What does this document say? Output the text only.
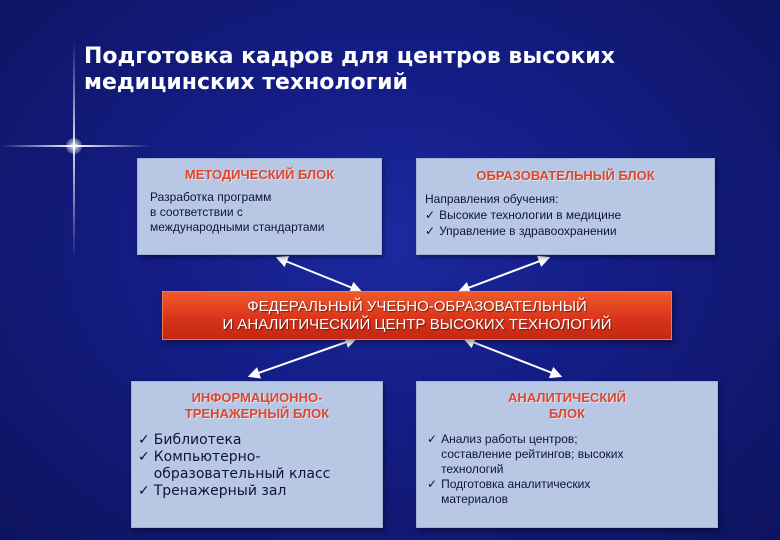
Подготовка кадров для центров высоких
медицинских технологий
МЕТОДИЧЕСКИЙ БЛОК
Разработка программ
в соответствии с
международными стандартами
ОБРАЗОВАТЕЛЬНЫЙ БЛОК
Направления обучения:
✓ Высокие технологии в медицине
✓ Управление в здравоохранении
ФЕДЕРАЛЬНЫЙ УЧЕБНО-ОБРАЗОВАТЕЛЬНЫЙ
И АНАЛИТИЧЕСКИЙ ЦЕНТР ВЫСОКИХ ТЕХНОЛОГИЙ
ИНФОРМАЦИОННО-
ТРЕНАЖЕРНЫЙ БЛОК
✓ Библиотека
✓ Компьютерно-
образовательный класс
✓ Тренажерный зал
АНАЛИТИЧЕСКИЙ
БЛОК
✓ Анализ работы центров;
составление рейтингов; высоких
технологий
✓ Подготовка аналитических
материалов
